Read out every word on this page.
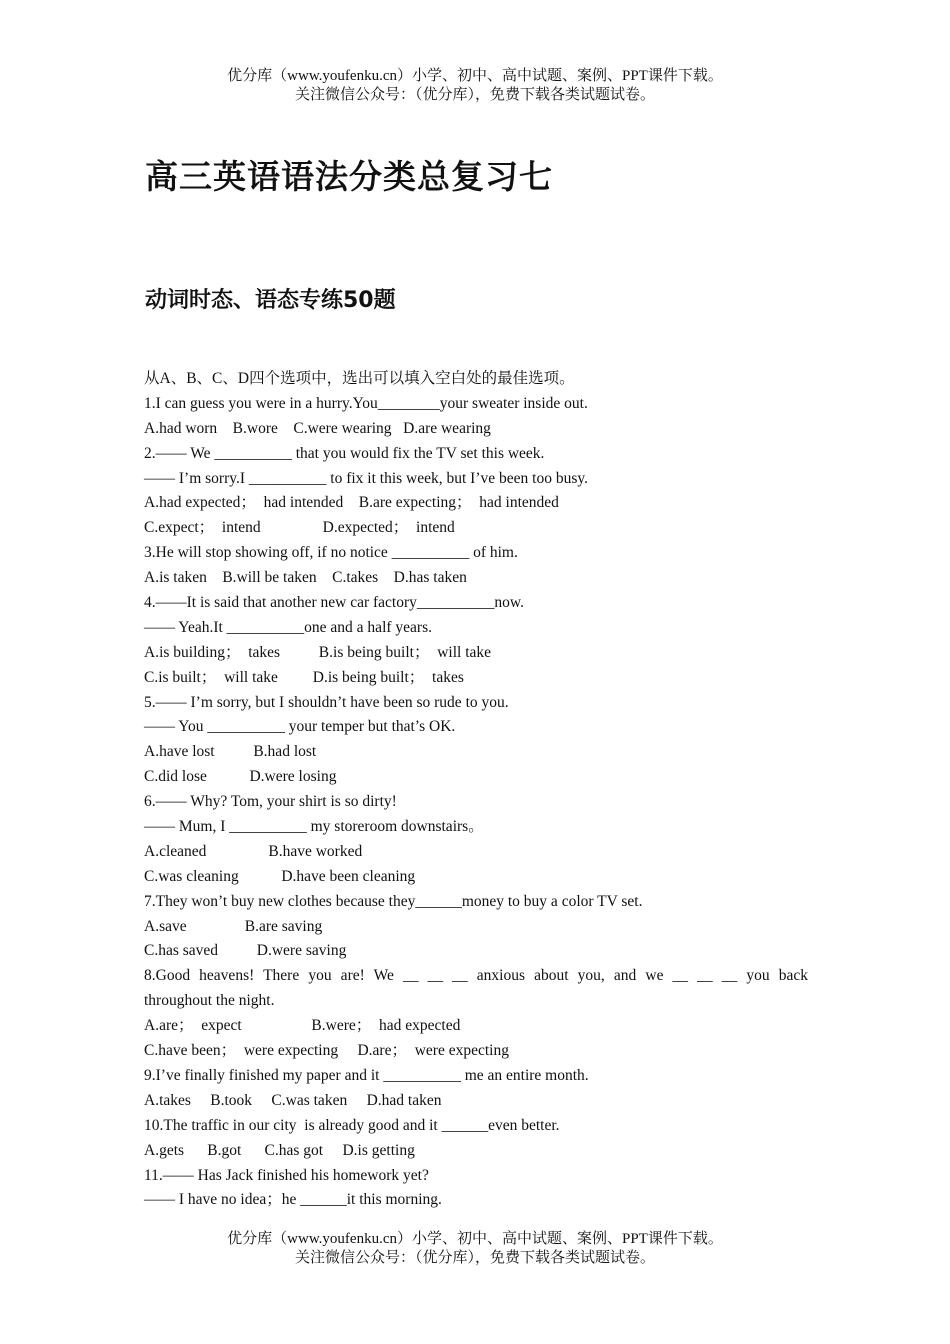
优分库（www.youfenku.cn）小学、初中、高中试题、案例、PPT课件下载。
关注微信公众号：（优分库），免费下载各类试题试卷。
高三英语语法分类总复习七
动词时态、语态专练50题
从A、B、C、D四个选项中，选出可以填入空白处的最佳选项。
1.I can guess you were in a hurry.You________your sweater inside out.
A.had worn    B.wore    C.were wearing   D.are wearing
2.—— We __________ that you would fix the TV set this week.
—— I’m sorry.I __________ to fix it this week, but I’ve been too busy.
A.had expected；  had intended    B.are expecting；  had intended
C.expect；  intend                D.expected；  intend
3.He will stop showing off, if no notice __________ of him.
A.is taken    B.will be taken    C.takes    D.has taken
4.——It is said that another new car factory__________now.
—— Yeah.It __________one and a half years.
A.is building；  takes          B.is being built；  will take
C.is built；  will take         D.is being built；  takes
5.—— I’m sorry, but I shouldn’t have been so rude to you.
—— You __________ your temper but that’s OK.
A.have lost          B.had lost
C.did lose           D.were losing
6.—— Why? Tom, your shirt is so dirty!
—— Mum, I __________ my storeroom downstairs。
A.cleaned                B.have worked
C.was cleaning           D.have been cleaning
7.They won’t buy new clothes because they______money to buy a color TV set.
A.save               B.are saving
C.has saved          D.were saving
8.Good heavens! There you are! We __ __ __ anxious about you, and we __ __ __ you back
throughout the night.
A.are；  expect                  B.were；  had expected
C.have been；  were expecting     D.are；  were expecting
9.I’ve finally finished my paper and it __________ me an entire month.
A.takes     B.took     C.was taken     D.had taken
10.The traffic in our city  is already good and it ______even better.
A.gets      B.got      C.has got     D.is getting
11.—— Has Jack finished his homework yet?
—— I have no idea；he ______it this morning.
优分库（www.youfenku.cn）小学、初中、高中试题、案例、PPT课件下载。
关注微信公众号：（优分库），免费下载各类试题试卷。
